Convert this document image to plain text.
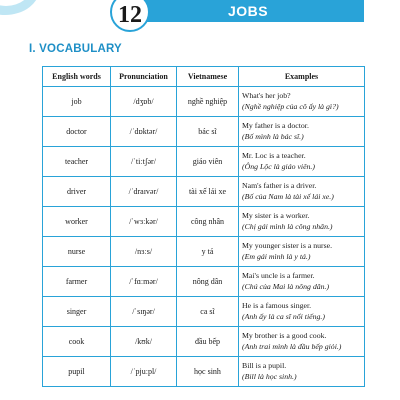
JOBS
12
I. VOCABULARY
English words	Pronunciation	Vietnamese	Examples
job	/dʒɒb/	nghề nghiệp	What's her job?
(Nghề nghiệp của cô ấy là gì?)

doctor	/ˈdɒktər/	bác sĩ	My father is a doctor.
(Bố mình là bác sĩ.)

teacher	/ˈtiːtʃər/	giáo viên	Mr. Loc is a teacher.
(Ông Lộc là giáo viên.)

driver	/ˈdraɪvər/	tài xế lái xe	Nam's father is a driver.
(Bố của Nam là tài xế lái xe.)

worker	/ˈwɜːkər/	công nhân	My sister is a worker.
(Chị gái mình là công nhân.)

nurse	/nɜːs/	y tá	My younger sister is a nurse.
(Em gái mình là y tá.)

farmer	/ˈfɑːmər/	nông dân	Mai's uncle is a farmer.
(Chú của Mai là nông dân.)

singer	/ˈsɪŋər/	ca sĩ	He is a famous singer.
(Anh ấy là ca sĩ nổi tiếng.)

cook	/kʊk/	đầu bếp	My brother is a good cook.
(Anh trai mình là đầu bếp giỏi.)

pupil	/ˈpjuːpl/	học sinh	Bill is a pupil.
(Bill là học sinh.)
